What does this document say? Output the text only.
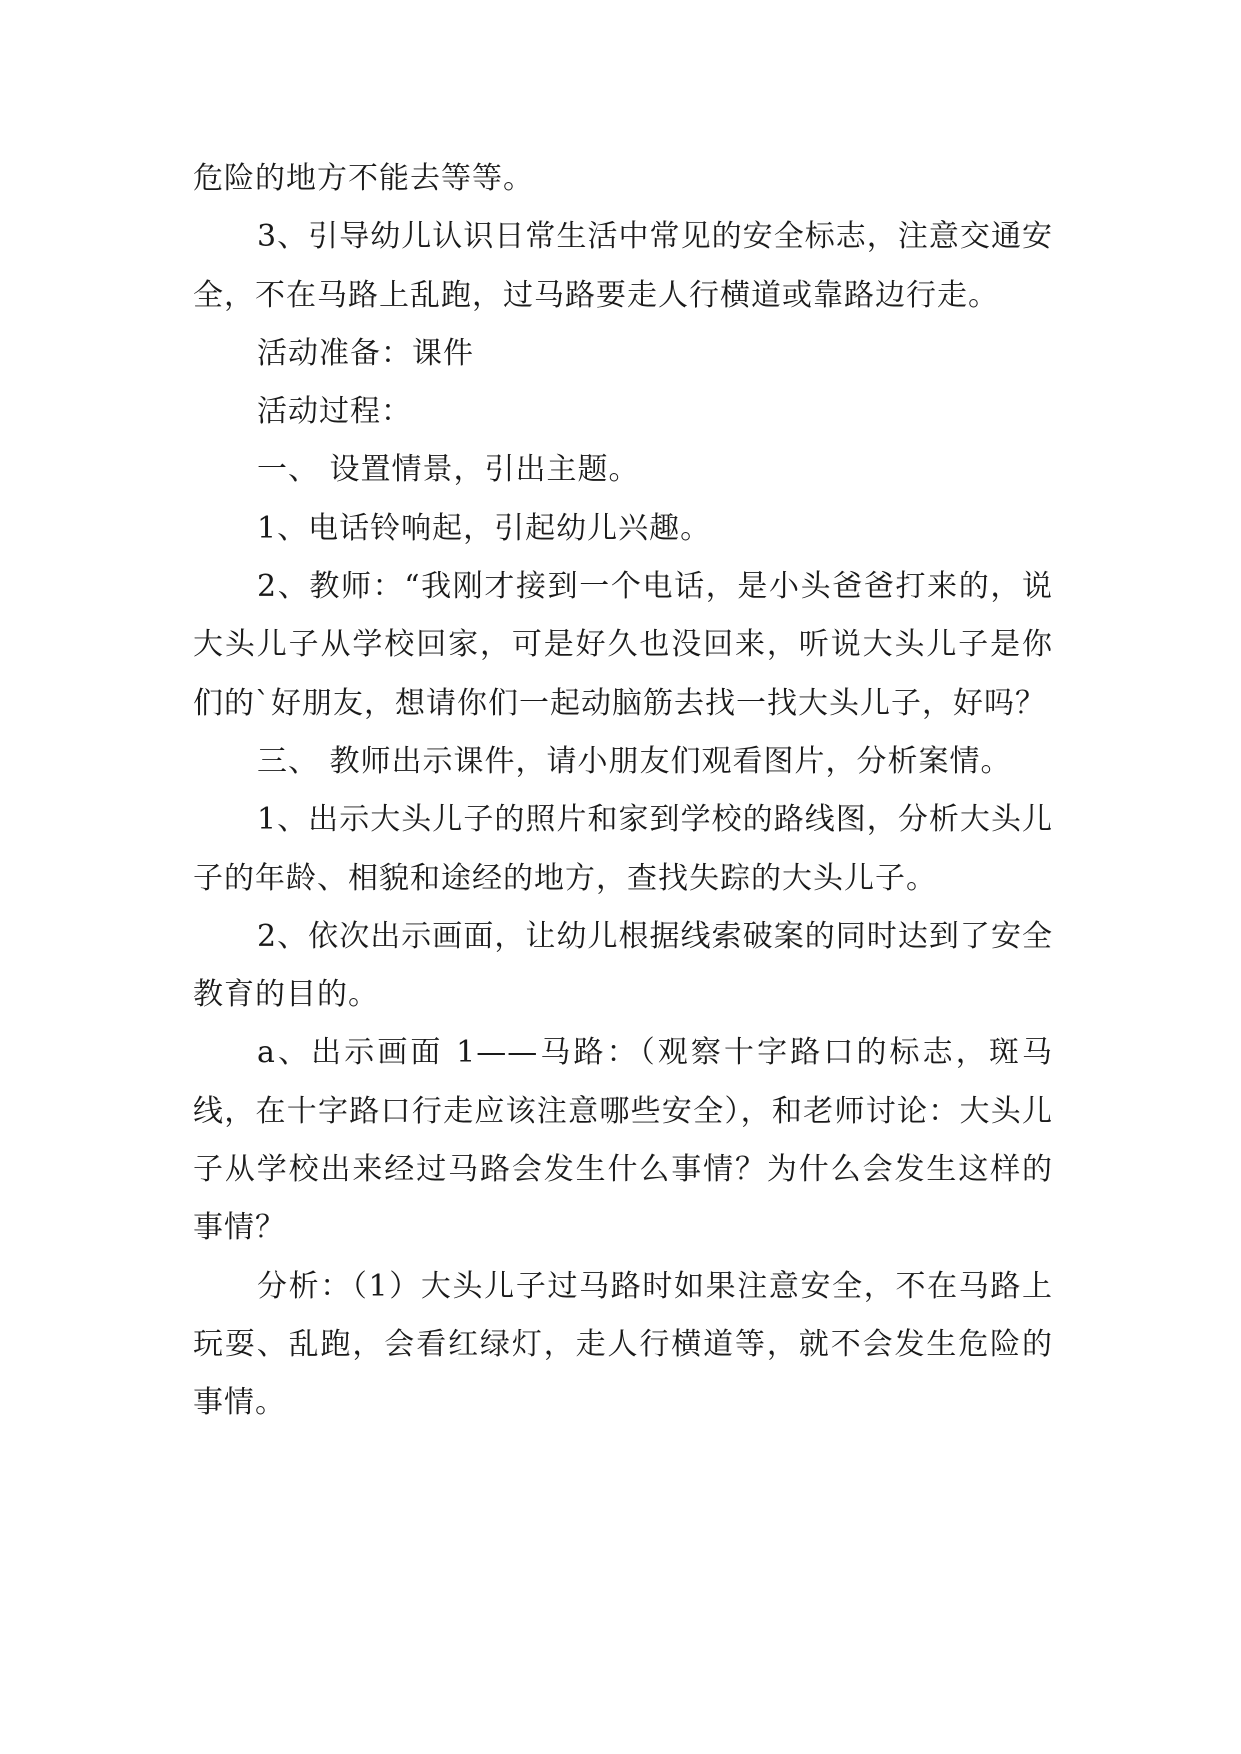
危险的地方不能去等等。

3、引导幼儿认识日常生活中常见的安全标志，注意交通安全，不在马路上乱跑，过马路要走人行横道或靠路边行走。

活动准备：课件

活动过程：

一、 设置情景，引出主题。

1、电话铃响起，引起幼儿兴趣。

2、教师：“我刚才接到一个电话，是小头爸爸打来的，说大头儿子从学校回家，可是好久也没回来，听说大头儿子是你们的`好朋友，想请你们一起动脑筋去找一找大头儿子，好吗？

三、 教师出示课件，请小朋友们观看图片，分析案情。

1、出示大头儿子的照片和家到学校的路线图，分析大头儿子的年龄、相貌和途经的地方，查找失踪的大头儿子。

2、依次出示画面，让幼儿根据线索破案的同时达到了安全教育的目的。

a、出示画面 1——马路：（观察十字路口的标志，斑马线，在十字路口行走应该注意哪些安全），和老师讨论：大头儿子从学校出来经过马路会发生什么事情？为什么会发生这样的事情？

分析：（1）大头儿子过马路时如果注意安全，不在马路上玩耍、乱跑，会看红绿灯，走人行横道等，就不会发生危险的事情。
